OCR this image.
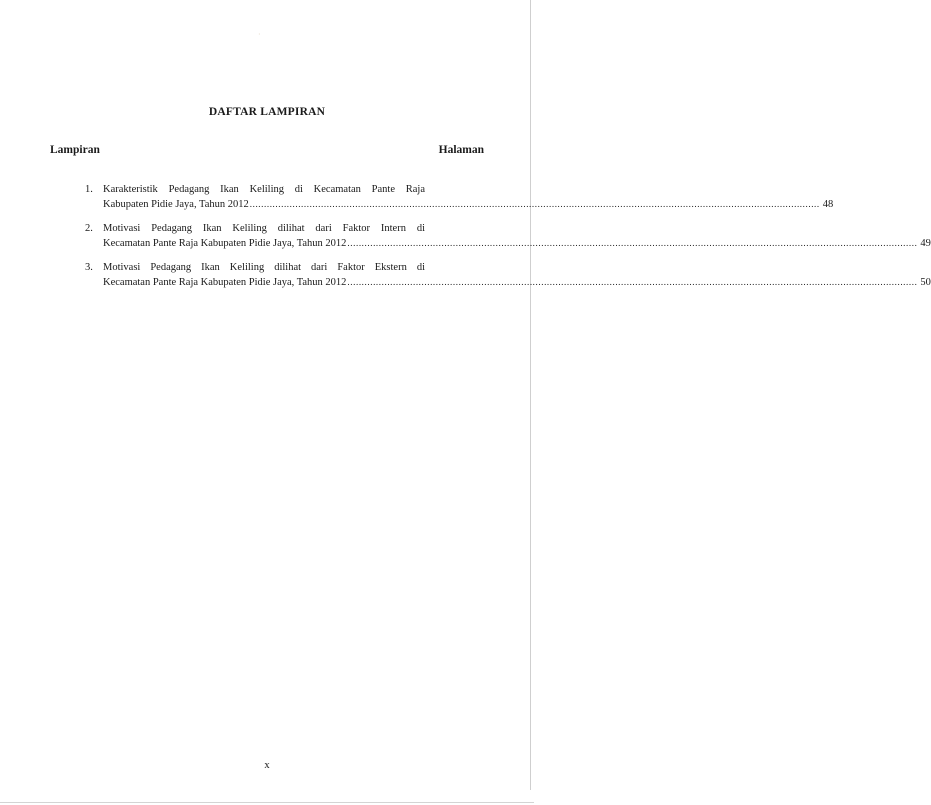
·
DAFTAR LAMPIRAN
Lampiran	Halaman
1. Karakteristik Pedagang Ikan Keliling di Kecamatan Pante Raja
Kabupaten Pidie Jaya, Tahun 2012 ........................................................................................................................................................................................................ 48
2. Motivasi Pedagang Ikan Keliling dilihat dari Faktor Intern di
Kecamatan Pante Raja Kabupaten Pidie Jaya, Tahun 2012 ........................................................................................................................................................................................................ 49
3. Motivasi Pedagang Ikan Keliling dilihat dari Faktor Ekstern di
Kecamatan Pante Raja Kabupaten Pidie Jaya, Tahun 2012 ........................................................................................................................................................................................................ 50
x
